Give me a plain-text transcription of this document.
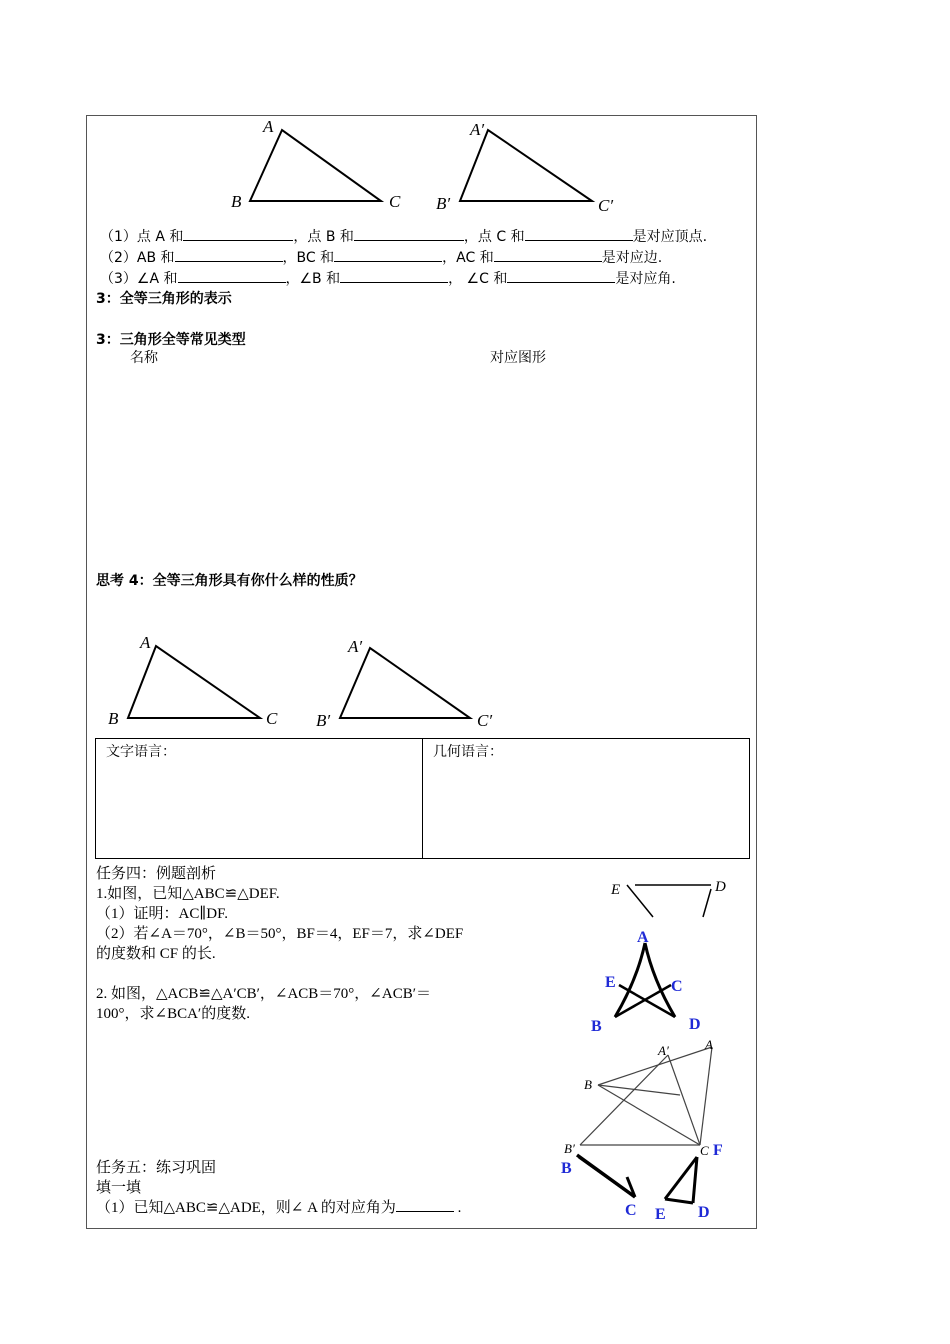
A
B	C
A′
B′	C′
（1）点 A 和	，点 B 和	，点 C 和	是对应顶点.
（2）AB 和	，BC 和	，AC 和	是对应边.
（3）∠A 和	，∠B 和	， ∠C 和	是对应角.
3：全等三角形的表示
3：三角形全等常见类型
名称	对应图形
思考 4：全等三角形具有你什么样的性质？
A
B	C
A′
B′	C′
文字语言：	几何语言：
任务四：例题剖析
1.如图，已知△ABC≌△DEF.
（1）证明：AC∥DF.
（2）若∠A＝70°，∠B＝50°，BF＝4，EF＝7，求∠DEF
的度数和 CF 的长.
2. 如图，△ACB≌△A′CB′，∠ACB＝70°，∠ACB′＝
100°，求∠BCA′的度数.
任务五：练习巩固
填一填
（1）已知△ABC≌△ADE，则∠ A 的对应角为	.
E	D
A
E	C
B	D
A′	A
B
B′	C
B
C E D
F
